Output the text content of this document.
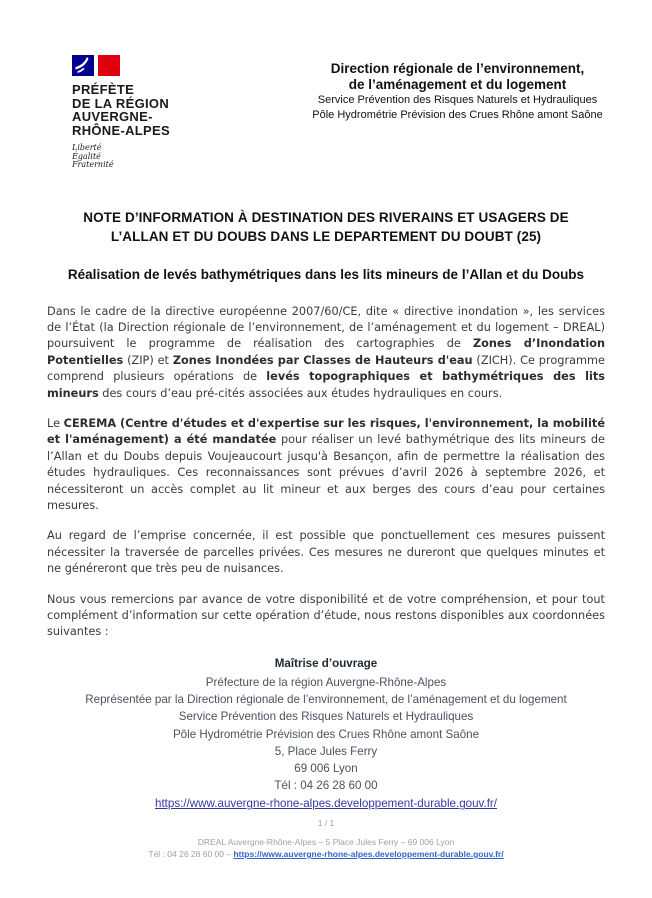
PRÉFÈTE
DE LA RÉGION
AUVERGNE-
RHÔNE-ALPES
Liberté
Égalité
Fraternité
Direction régionale de l’environnement,
de l’aménagement et du logement
Service Prévention des Risques Naturels et Hydrauliques
Pôle Hydrométrie Prévision des Crues Rhône amont Saône
NOTE D’INFORMATION À DESTINATION DES RIVERAINS ET USAGERS DE L’ALLAN ET DU DOUBS DANS LE DEPARTEMENT DU DOUBT (25)
Réalisation de levés bathymétriques dans les lits mineurs de l’Allan et du Doubs

Dans le cadre de la directive européenne 2007/60/CE, dite « directive inondation », les services de l’État (la Direction régionale de l’environnement, de l’aménagement et du logement – DREAL) poursuivent le programme de réalisation des cartographies de Zones d’Inondation Potentielles (ZIP) et Zones Inondées par Classes de Hauteurs d'eau (ZICH). Ce programme comprend plusieurs opérations de levés topographiques et bathymétriques des lits mineurs des cours d’eau pré-cités associées aux études hydrauliques en cours.

Le CEREMA (Centre d'études et d'expertise sur les risques, l'environnement, la mobilité et l'aménagement) a été mandatée pour réaliser un levé bathymétrique des lits mineurs de l’Allan et du Doubs depuis Voujeaucourt jusqu'à Besançon, afin de permettre la réalisation des études hydrauliques. Ces reconnaissances sont prévues d’avril 2026 à septembre 2026, et nécessiteront un accès complet au lit mineur et aux berges des cours d’eau pour certaines mesures.

Au regard de l’emprise concernée, il est possible que ponctuellement ces mesures puissent nécessiter la traversée de parcelles privées. Ces mesures ne dureront que quelques minutes et ne généreront que très peu de nuisances.

Nous vous remercions par avance de votre disponibilité et de votre compréhension, et pour tout complément d’information sur cette opération d’étude, nous restons disponibles aux coordonnées suivantes :

Maîtrise d’ouvrage
Préfecture de la région Auvergne-Rhône-Alpes
Représentée par la Direction régionale de l’environnement, de l’aménagement et du logement
Service Prévention des Risques Naturels et Hydrauliques
Pôle Hydrométrie Prévision des Crues Rhône amont Saône
5, Place Jules Ferry
69 006 Lyon
Tél : 04 26 28 60 00
https://www.auvergne-rhone-alpes.developpement-durable.gouv.fr/
1 / 1
DREAL Auvergne-Rhône-Alpes – 5 Place Jules Ferry – 69 006 Lyon
Tél : 04 26 28 60 00 – https://www.auvergne-rhone-alpes.developpement-durable.gouv.fr/
